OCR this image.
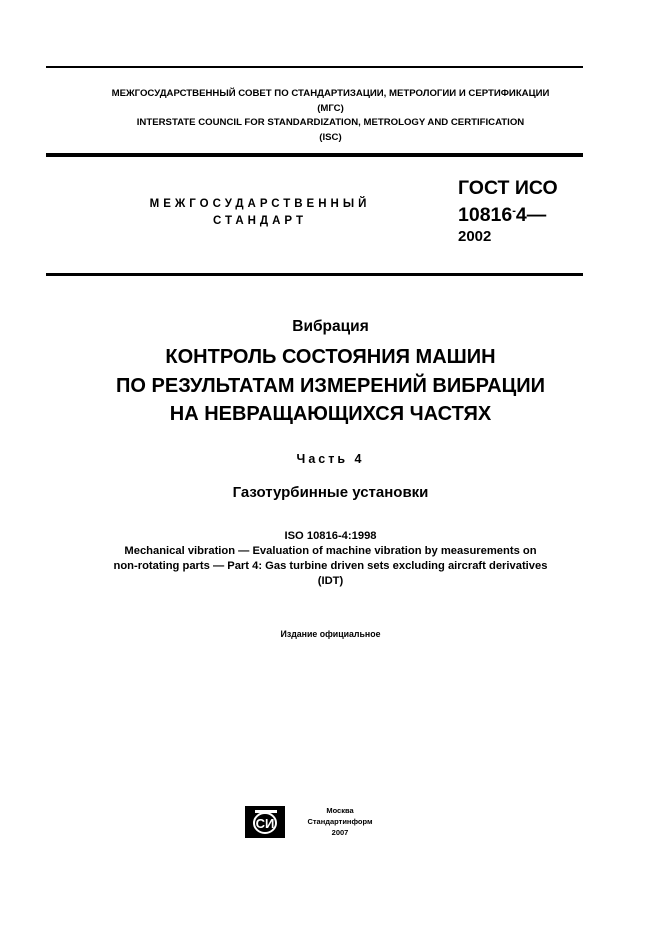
МЕЖГОСУДАРСТВЕННЫЙ СОВЕТ ПО СТАНДАРТИЗАЦИИ, МЕТРОЛОГИИ И СЕРТИФИКАЦИИ
(МГС)
INTERSTATE COUNCIL FOR STANDARDIZATION, METROLOGY AND CERTIFICATION
(ISC)
МЕЖГОСУДАРСТВЕННЫЙ
СТАНДАРТ
ГОСТ ИСО
10816-4—
2002
Вибрация
КОНТРОЛЬ СОСТОЯНИЯ МАШИН
ПО РЕЗУЛЬТАТАМ ИЗМЕРЕНИЙ ВИБРАЦИИ
НА НЕВРАЩАЮЩИХСЯ ЧАСТЯХ
Часть 4
Газотурбинные установки
ISO 10816-4:1998
Mechanical vibration — Evaluation of machine vibration by measurements on
non-rotating parts — Part 4: Gas turbine driven sets excluding aircraft derivatives
(IDT)
Издание официальное
СИ
Москва
Стандартинформ
2007
